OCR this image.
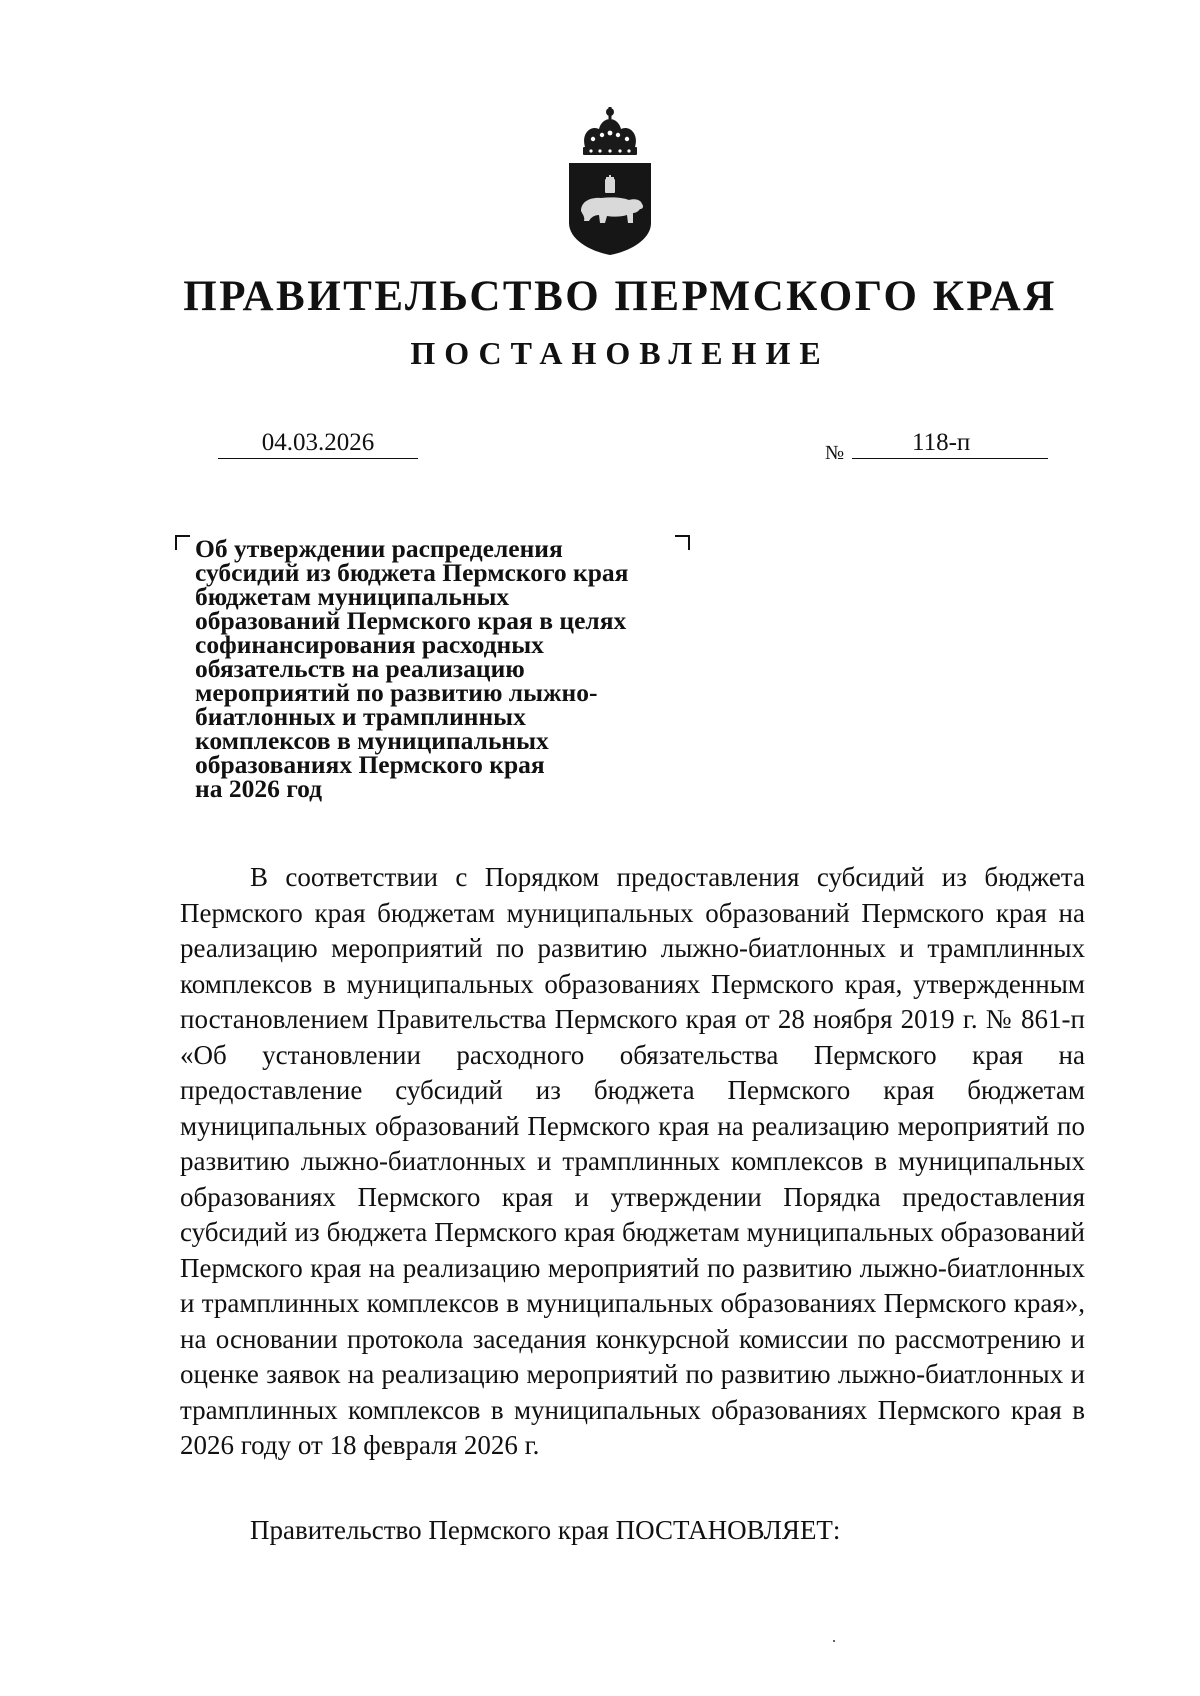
ПРАВИТЕЛЬСТВО ПЕРМСКОГО КРАЯ
ПОСТАНОВЛЕНИЕ
04.03.2026	№	118-п
Об утверждении распределения
субсидий из бюджета Пермского края
бюджетам муниципальных
образований Пермского края в целях
софинансирования расходных
обязательств на реализацию
мероприятий по развитию лыжно-
биатлонных и трамплинных
комплексов в муниципальных
образованиях Пермского края
на 2026 год

В соответствии с Порядком предоставления субсидий из бюджета Пермского края бюджетам муниципальных образований Пермского края на реализацию мероприятий по развитию лыжно-биатлонных и трамплинных комплексов в муниципальных образованиях Пермского края, утвержденным постановлением Правительства Пермского края от 28 ноября 2019 г. № 861-п «Об установлении расходного обязательства Пермского края на предоставление субсидий из бюджета Пермского края бюджетам муниципальных образований Пермского края на реализацию мероприятий по развитию лыжно-биатлонных и трамплинных комплексов в муниципальных образованиях Пермского края и утверждении Порядка предоставления субсидий из бюджета Пермского края бюджетам муниципальных образований Пермского края на реализацию мероприятий по развитию лыжно-биатлонных и трамплинных комплексов в муниципальных образованиях Пермского края», на основании протокола заседания конкурсной комиссии по рассмотрению и оценке заявок на реализацию мероприятий по развитию лыжно-биатлонных и трамплинных комплексов в муниципальных образованиях Пермского края в 2026 году от 18 февраля 2026 г.

Правительство Пермского края ПОСТАНОВЛЯЕТ:
